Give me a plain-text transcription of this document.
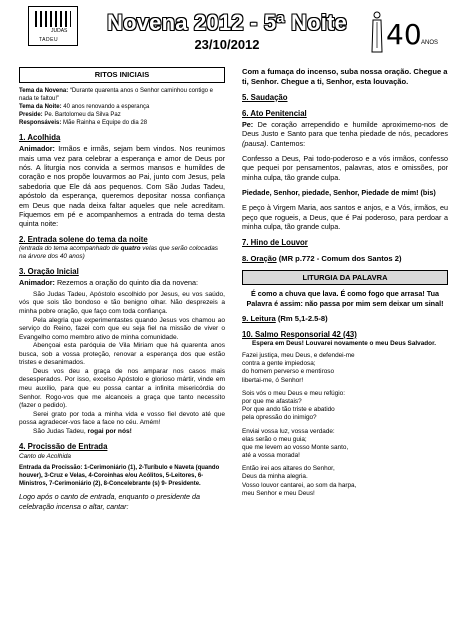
JUDAS
TADEU
Novena 2012 - 5ª Noite
23/10/2012	40 ANOS
RITOS INICIAIS
Tema da Novena: “Durante quarenta anos o Senhor caminhou contigo e nada te faltou!”
Tema da Noite: 40 anos renovando a esperança
Preside: Pe. Bartolomeu da Silva Paz
Responsáveis: Mãe Rainha e Equipe do dia 28
1. Acolhida
Animador: Irmãos e irmãs, sejam bem vindos. Nos reunimos mais uma vez para celebrar a esperança e amor de Deus por nós. A liturgia nos convida a sermos mansos e humildes de coração e nos propõe louvarmos ao Pai, junto com Jesus, pela sabedoria que Ele dá aos pequenos. Com São Judas Tadeu, apóstolo da esperança, queremos depositar nossa confiança em Deus que nada deixa faltar aqueles que nele acreditam. Fiquemos em pé e acompanhemos a entrada do tema desta quinta noite:
2. Entrada solene do tema da noite
(entrada do tema acompanhado de quatro velas que serão colocadas na árvore dos 40 anos)
3. Oração Inicial
Animador: Rezemos a oração do quinto dia da novena:

São Judas Tadeu, Apóstolo escolhido por Jesus, eu vos saúdo, vós que sois tão bondoso e tão benigno olhar. Não desprezeis a minha pobre oração, que faço com toda confiança.

Pela alegria que experimentastes quando Jesus vos chamou ao serviço do Reino, fazei com que eu seja fiel na missão de viver o Evangelho como membro ativo de minha comunidade.

Abençoai esta paróquia de Vila Miriam que há quarenta anos busca, sob a vossa proteção, renovar a esperança dos que estão tristes e desanimados.

Deus vos deu a graça de nos amparar nos casos mais desesperados. Por isso, excelso Apóstolo e glorioso mártir, vinde em meu auxílio, para que eu possa cantar a infinita misericórdia do Senhor. Rogo-vos que me alcanceis a graça que tanto necessito (fazer o pedido).

Serei grato por toda a minha vida e vosso fiel devoto até que possa agradecer-vos face a face no céu. Amém!

São Judas Tadeu, rogai por nós!

4. Procissão de Entrada
Canto de Acolhida
Entrada da Procissão: 1-Cerimoniário (1), 2-Turíbulo e Naveta (quando houver), 3-Cruz e Velas, 4-Coroinhas e/ou Acólitos, 5-Leitores, 6-Ministros, 7-Cerimoniário (2), 8-Concelebrante (s) 9- Presidente.
Logo após o canto de entrada, enquanto o presidente da celebração incensa o altar, cantar:
Com a fumaça do incenso, suba nossa oração. Chegue a ti, Senhor. Chegue a ti, Senhor, esta louvação.
5. Saudação
6. Ato Penitencial
Pe: De coração arrependido e humilde aproximemo-nos de Deus Justo e Santo para que tenha piedade de nós, pecadores (pausa). Cantemos:
Confesso a Deus, Pai todo-poderoso e a vós irmãos, confesso que pequei por pensamentos, palavras, atos e omissões, por minha culpa, tão grande culpa.
Piedade, Senhor, piedade, Senhor, Piedade de mim! (bis)
E peço à Virgem Maria, aos santos e anjos, e a Vós, irmãos, eu peço que rogueis, a Deus, que é Pai poderoso, para perdoar a minha culpa, tão grande culpa.
7. Hino de Louvor
8. Oração (MR p.772 - Comum dos Santos 2)
LITURGIA DA PALAVRA
É como a chuva que lava. É como fogo que arrasa! Tua Palavra é assim: não passa por mim sem deixar um sinal!
9. Leitura (Rm 5,1-2.5-8)
10. Salmo Responsorial 42 (43)
Espera em Deus! Louvarei novamente o meu Deus Salvador.
Fazei justiça, meu Deus, e defendei-me
contra a gente impiedosa;
do homem perverso e mentiroso
libertai-me, ó Senhor!
Sois vós o meu Deus e meu refúgio:
por que me afastais?
Por que ando tão triste e abatido
pela opressão do inimigo?
Enviai vossa luz, vossa verdade:
elas serão o meu guia;
que me levem ao vosso Monte santo,
até a vossa morada!
Então irei aos altares do Senhor,
Deus da minha alegria.
Vosso louvor cantarei, ao som da harpa,
meu Senhor e meu Deus!
